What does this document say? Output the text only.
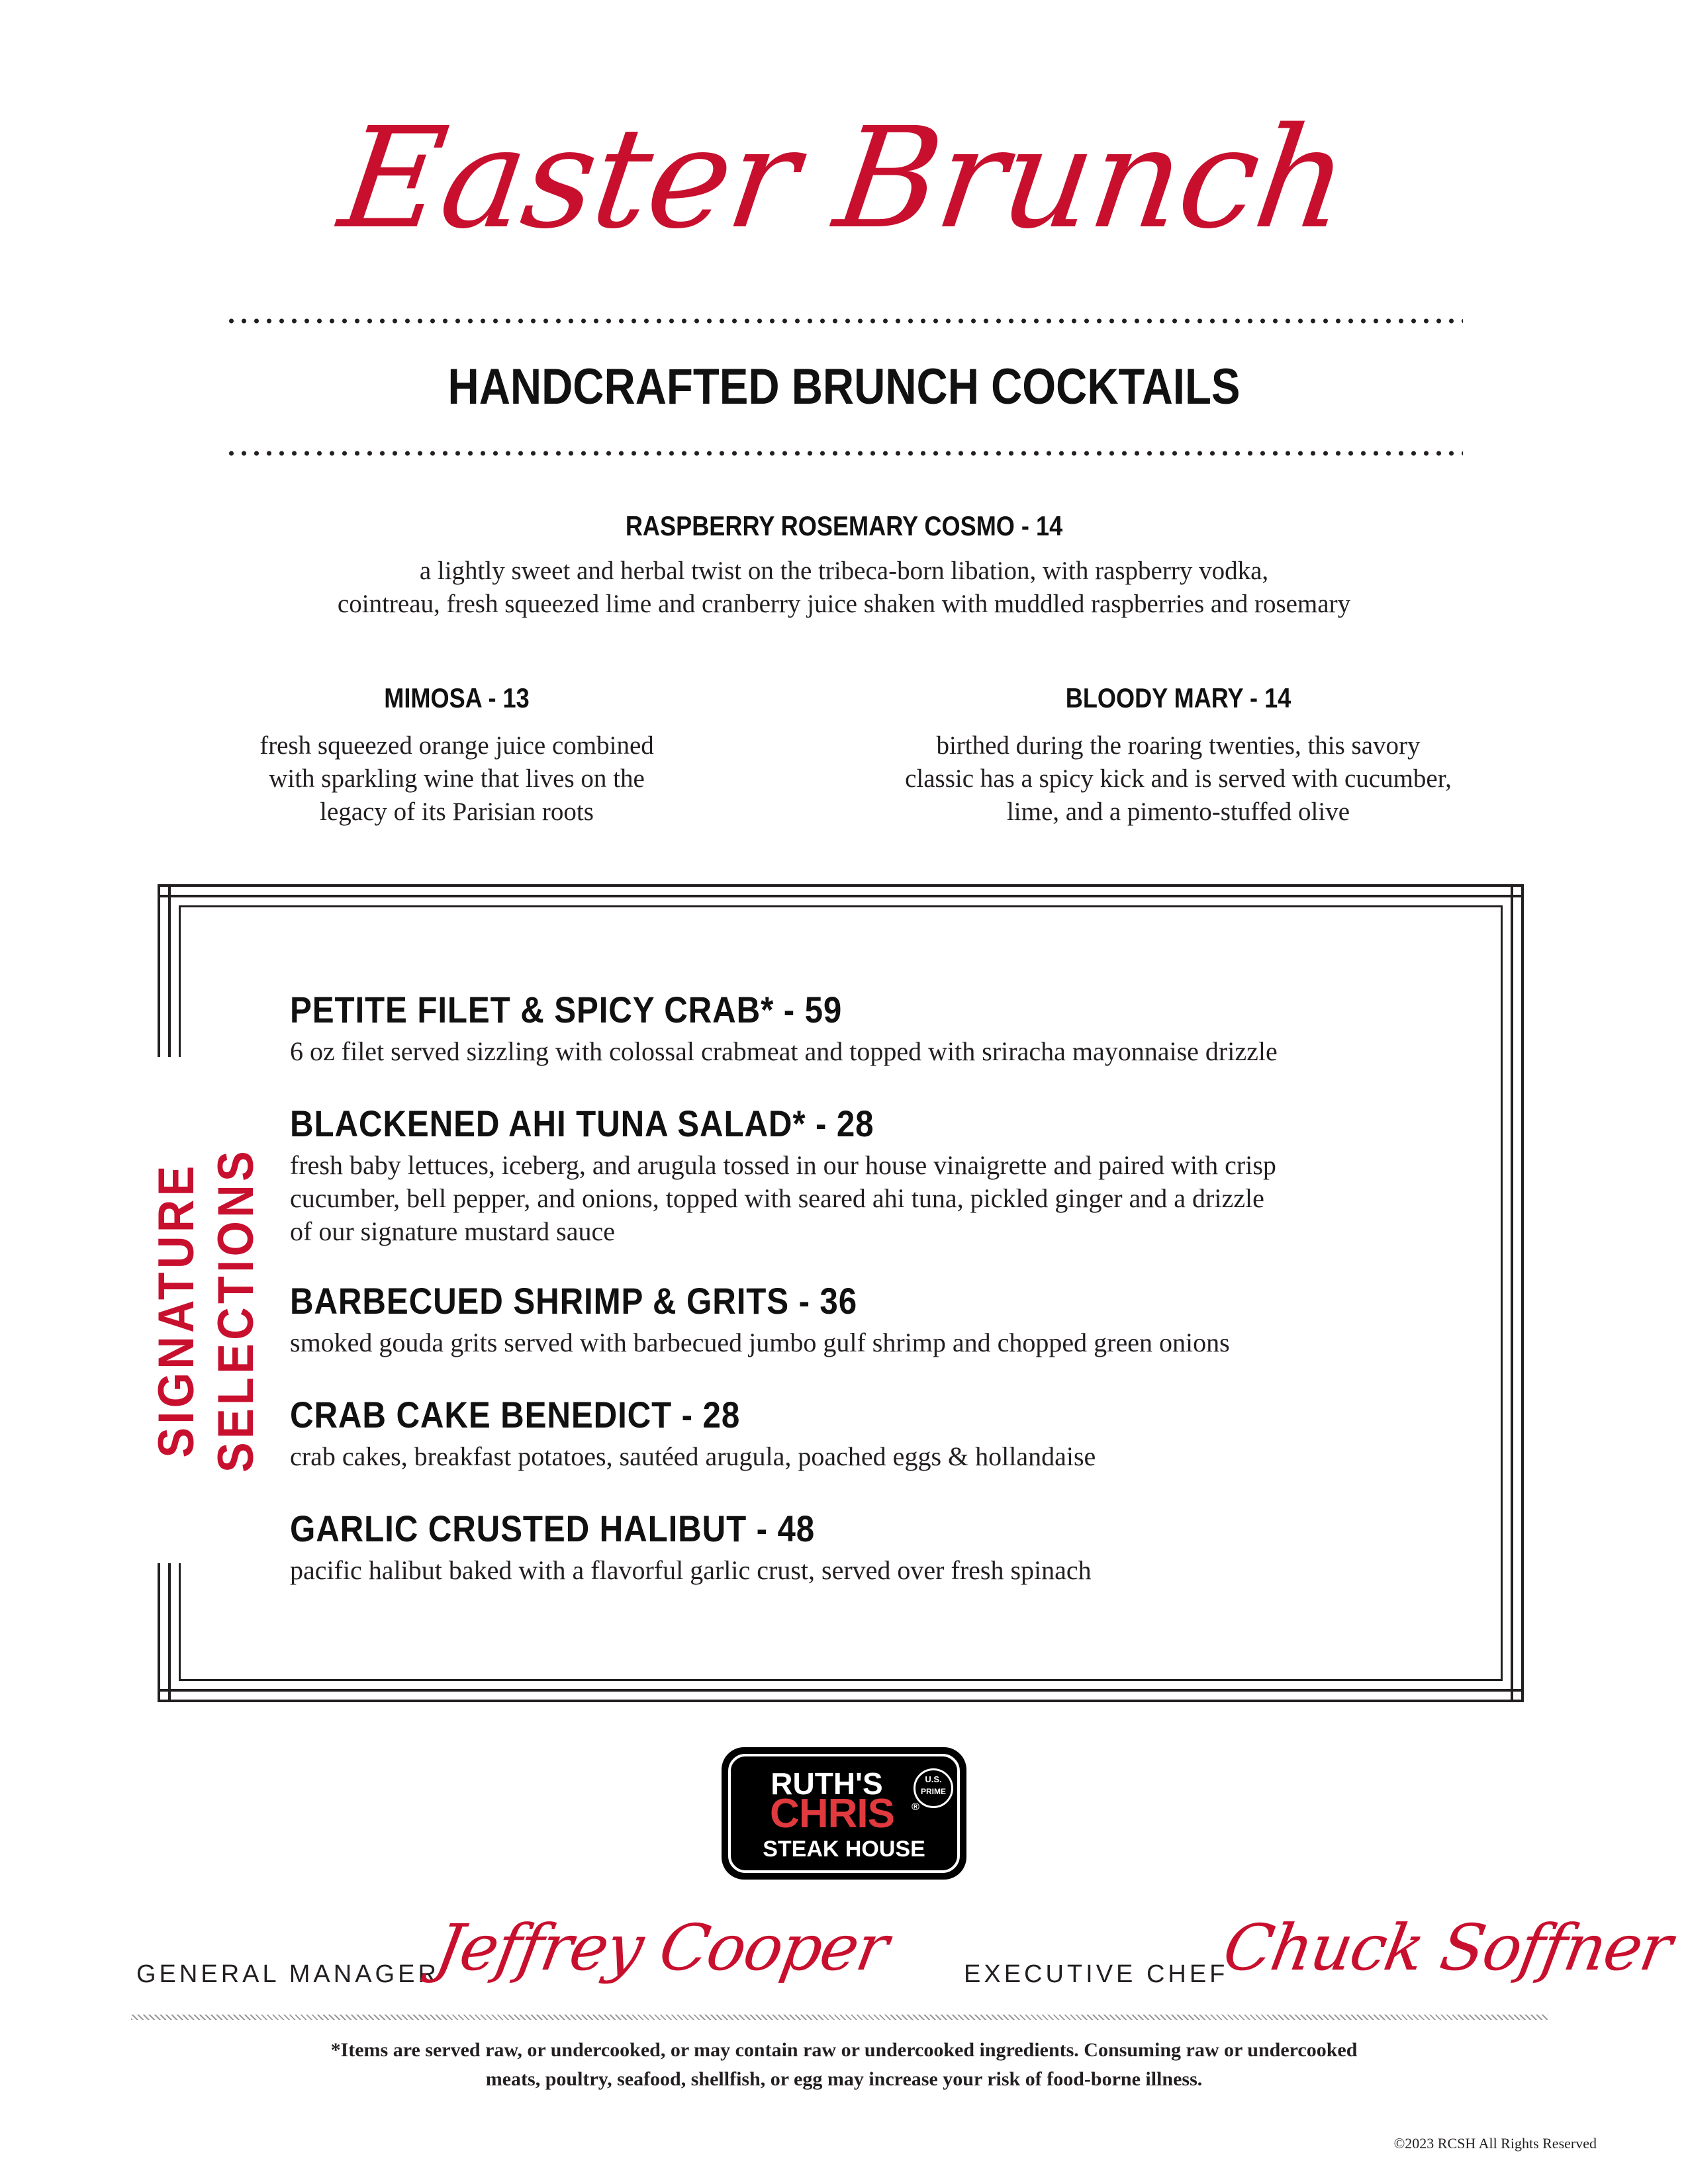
Easter Brunch
HANDCRAFTED BRUNCH COCKTAILS
RASPBERRY ROSEMARY COSMO - 14
a lightly sweet and herbal twist on the tribeca-born libation, with raspberry vodka,
cointreau, fresh squeezed lime and cranberry juice shaken with muddled raspberries and rosemary
MIMOSA - 13
fresh squeezed orange juice combined
with sparkling wine that lives on the
legacy of its Parisian roots
BLOODY MARY - 14
birthed during the roaring twenties, this savory
classic has a spicy kick and is served with cucumber,
lime, and a pimento-stuffed olive
SIGNATURE SELECTIONS
PETITE FILET & SPICY CRAB* - 59
6 oz filet served sizzling with colossal crabmeat and topped with sriracha mayonnaise drizzle
BLACKENED AHI TUNA SALAD* - 28
fresh baby lettuces, iceberg, and arugula tossed in our house vinaigrette and paired with crisp
cucumber, bell pepper, and onions, topped with seared ahi tuna, pickled ginger and a drizzle
of our signature mustard sauce
BARBECUED SHRIMP & GRITS - 36
smoked gouda grits served with barbecued jumbo gulf shrimp and chopped green onions
CRAB CAKE BENEDICT - 28
crab cakes, breakfast potatoes, sautéed arugula, poached eggs & hollandaise
GARLIC CRUSTED HALIBUT - 48
pacific halibut baked with a flavorful garlic crust, served over fresh spinach
RUTH'S
CHRIS	®
STEAK HOUSE
U.S.
PRIME
GENERAL MANAGER
Jeffrey Cooper	EXECUTIVE CHEF
Chuck Soffner
*Items are served raw, or undercooked, or may contain raw or undercooked ingredients. Consuming raw or undercooked
meats, poultry, seafood, shellfish, or egg may increase your risk of food-borne illness.
©2023 RCSH All Rights Reserved
